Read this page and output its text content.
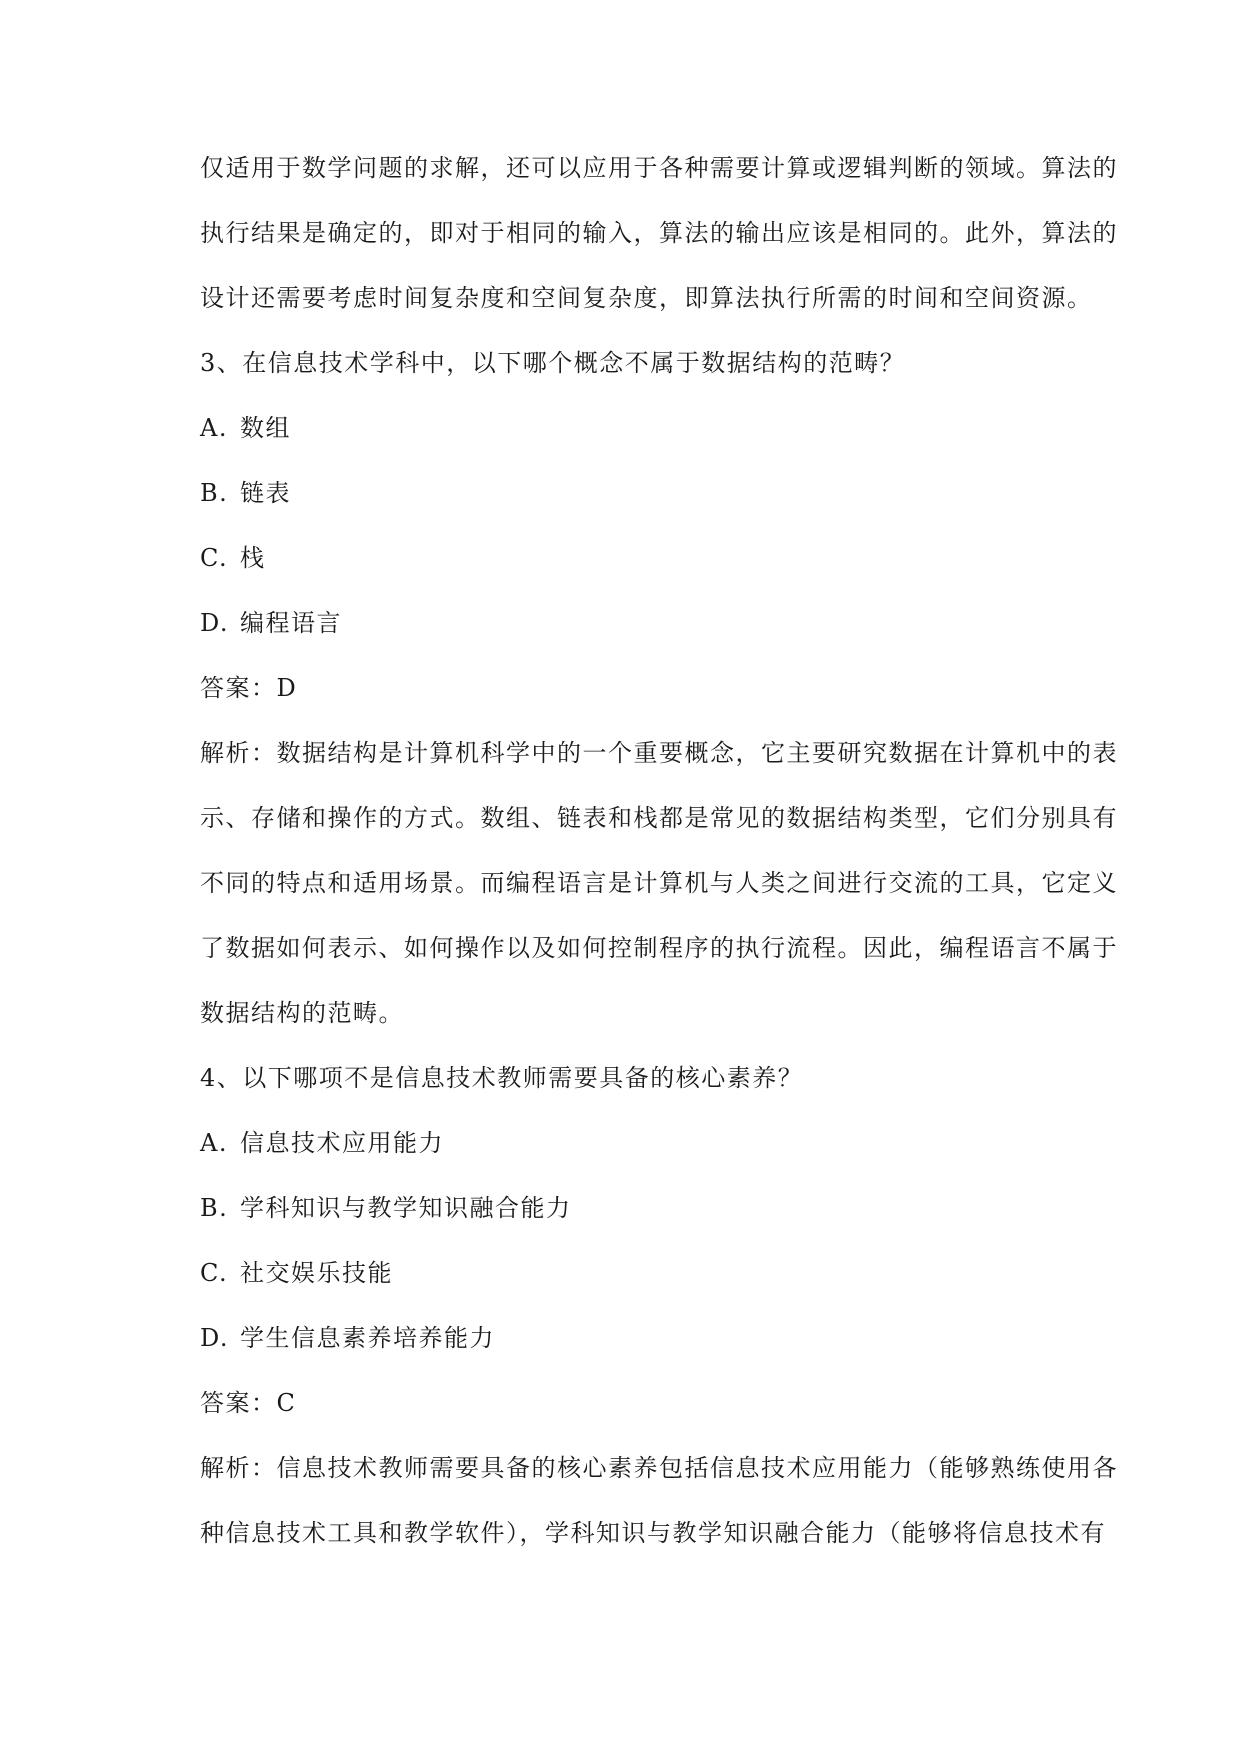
仅适用于数学问题的求解，还可以应用于各种需要计算或逻辑判断的领域。算法的
执行结果是确定的，即对于相同的输入，算法的输出应该是相同的。此外，算法的
设计还需要考虑时间复杂度和空间复杂度，即算法执行所需的时间和空间资源。
3、在信息技术学科中，以下哪个概念不属于数据结构的范畴？
A. 数组
B. 链表
C. 栈
D. 编程语言
答案：D
解析：数据结构是计算机科学中的一个重要概念，它主要研究数据在计算机中的表
示、存储和操作的方式。数组、链表和栈都是常见的数据结构类型，它们分别具有
不同的特点和适用场景。而编程语言是计算机与人类之间进行交流的工具，它定义
了数据如何表示、如何操作以及如何控制程序的执行流程。因此，编程语言不属于
数据结构的范畴。
4、以下哪项不是信息技术教师需要具备的核心素养？
A. 信息技术应用能力
B. 学科知识与教学知识融合能力
C. 社交娱乐技能
D. 学生信息素养培养能力
答案：C
解析：信息技术教师需要具备的核心素养包括信息技术应用能力（能够熟练使用各
种信息技术工具和教学软件），学科知识与教学知识融合能力（能够将信息技术有
